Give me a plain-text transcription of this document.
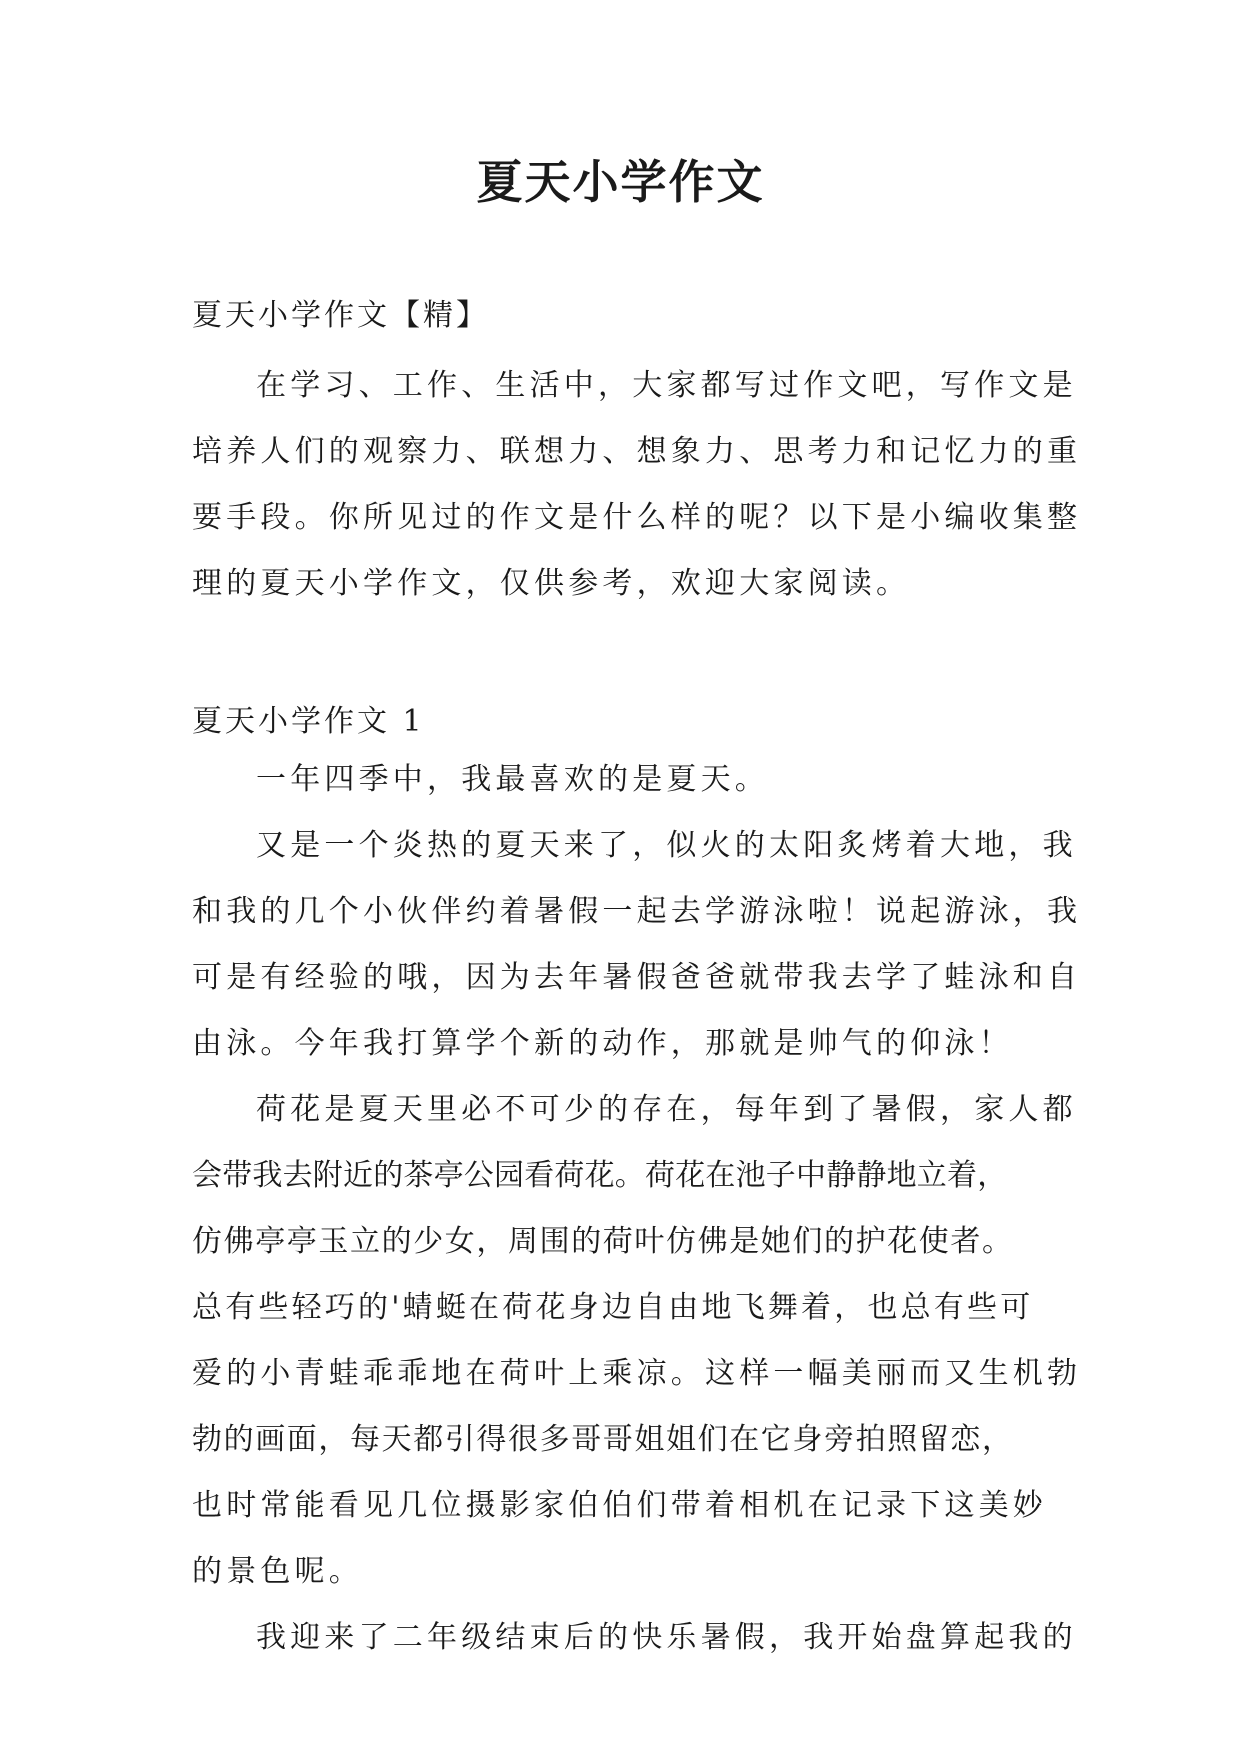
夏天小学作文

夏天小学作文【精】

在学习、工作、生活中，大家都写过作文吧，写作文是
培养人们的观察力、联想力、想象力、思考力和记忆力的重
要手段。你所见过的作文是什么样的呢？以下是小编收集整
理的夏天小学作文，仅供参考，欢迎大家阅读。

夏天小学作文 1

一年四季中，我最喜欢的是夏天。
又是一个炎热的夏天来了，似火的太阳炙烤着大地，我
和我的几个小伙伴约着暑假一起去学游泳啦！说起游泳，我
可是有经验的哦，因为去年暑假爸爸就带我去学了蛙泳和自
由泳。今年我打算学个新的动作，那就是帅气的仰泳！
荷花是夏天里必不可少的存在，每年到了暑假，家人都
会带我去附近的茶亭公园看荷花。荷花在池子中静静地立着，
仿佛亭亭玉立的少女，周围的荷叶仿佛是她们的护花使者。
总有些轻巧的'蜻蜓在荷花身边自由地飞舞着，也总有些可
爱的小青蛙乖乖地在荷叶上乘凉。这样一幅美丽而又生机勃
勃的画面，每天都引得很多哥哥姐姐们在它身旁拍照留恋，
也时常能看见几位摄影家伯伯们带着相机在记录下这美妙
的景色呢。
我迎来了二年级结束后的快乐暑假，我开始盘算起我的
